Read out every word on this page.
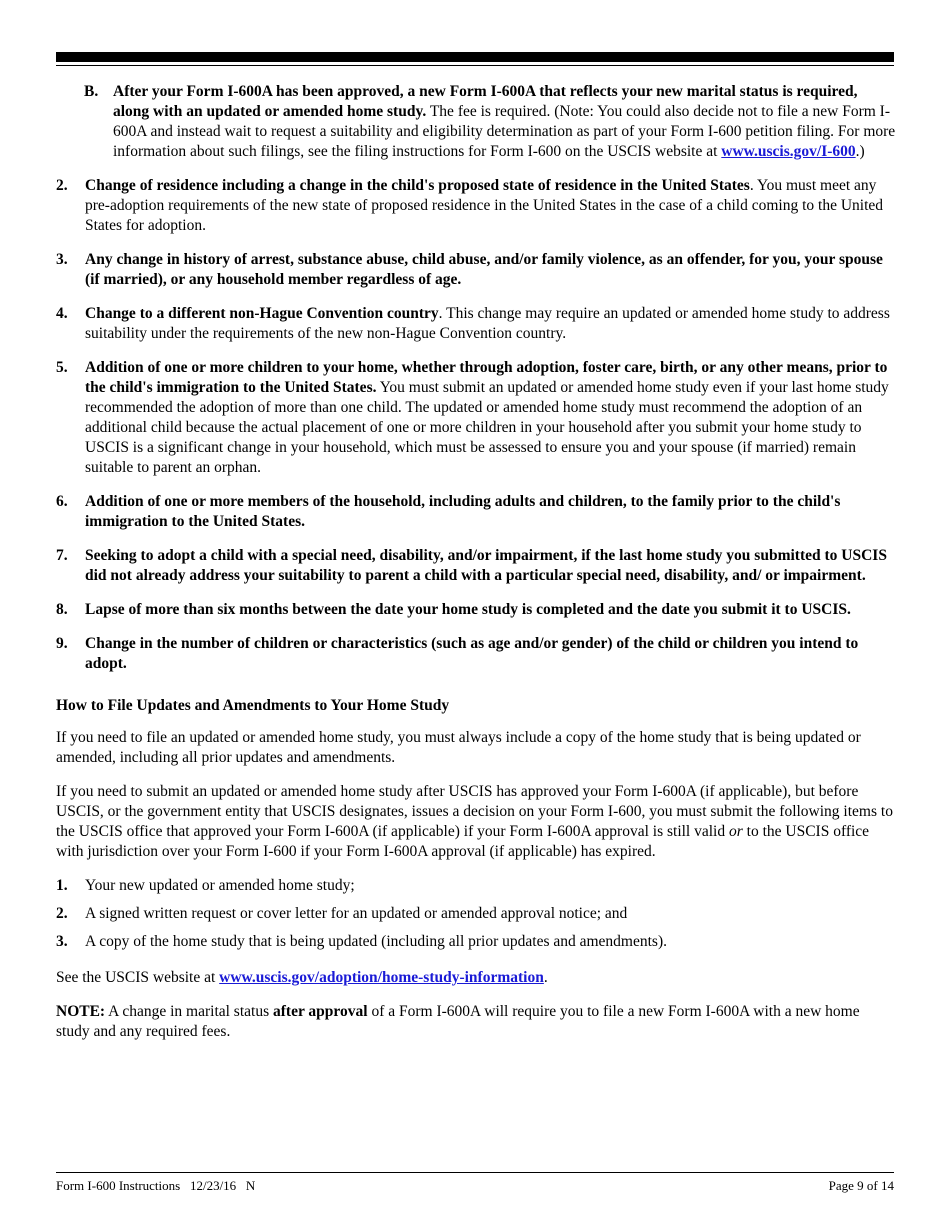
B. After your Form I-600A has been approved, a new Form I-600A that reflects your new marital status is required, along with an updated or amended home study. The fee is required. (Note: You could also decide not to file a new Form I-600A and instead wait to request a suitability and eligibility determination as part of your Form I-600 petition filing. For more information about such filings, see the filing instructions for Form I-600 on the USCIS website at www.uscis.gov/I-600.)
2. Change of residence including a change in the child's proposed state of residence in the United States. You must meet any pre-adoption requirements of the new state of proposed residence in the United States in the case of a child coming to the United States for adoption.
3. Any change in history of arrest, substance abuse, child abuse, and/or family violence, as an offender, for you, your spouse (if married), or any household member regardless of age.
4. Change to a different non-Hague Convention country. This change may require an updated or amended home study to address suitability under the requirements of the new non-Hague Convention country.
5. Addition of one or more children to your home, whether through adoption, foster care, birth, or any other means, prior to the child's immigration to the United States. You must submit an updated or amended home study even if your last home study recommended the adoption of more than one child. The updated or amended home study must recommend the adoption of an additional child because the actual placement of one or more children in your household after you submit your home study to USCIS is a significant change in your household, which must be assessed to ensure you and your spouse (if married) remain suitable to parent an orphan.
6. Addition of one or more members of the household, including adults and children, to the family prior to the child's immigration to the United States.
7. Seeking to adopt a child with a special need, disability, and/or impairment, if the last home study you submitted to USCIS did not already address your suitability to parent a child with a particular special need, disability, and/ or impairment.
8. Lapse of more than six months between the date your home study is completed and the date you submit it to USCIS.
9. Change in the number of children or characteristics (such as age and/or gender) of the child or children you intend to adopt.
How to File Updates and Amendments to Your Home Study

If you need to file an updated or amended home study, you must always include a copy of the home study that is being updated or amended, including all prior updates and amendments.

If you need to submit an updated or amended home study after USCIS has approved your Form I-600A (if applicable), but before USCIS, or the government entity that USCIS designates, issues a decision on your Form I-600, you must submit the following items to the USCIS office that approved your Form I-600A (if applicable) if your Form I-600A approval is still valid or to the USCIS office with jurisdiction over your Form I-600 if your Form I-600A approval (if applicable) has expired.

1. Your new updated or amended home study;
2. A signed written request or cover letter for an updated or amended approval notice; and
3. A copy of the home study that is being updated (including all prior updates and amendments).

See the USCIS website at www.uscis.gov/adoption/home-study-information.

NOTE: A change in marital status after approval of a Form I-600A will require you to file a new Form I-600A with a new home study and any required fees.

Form I-600 Instructions   12/23/16   N	Page 9 of 14
